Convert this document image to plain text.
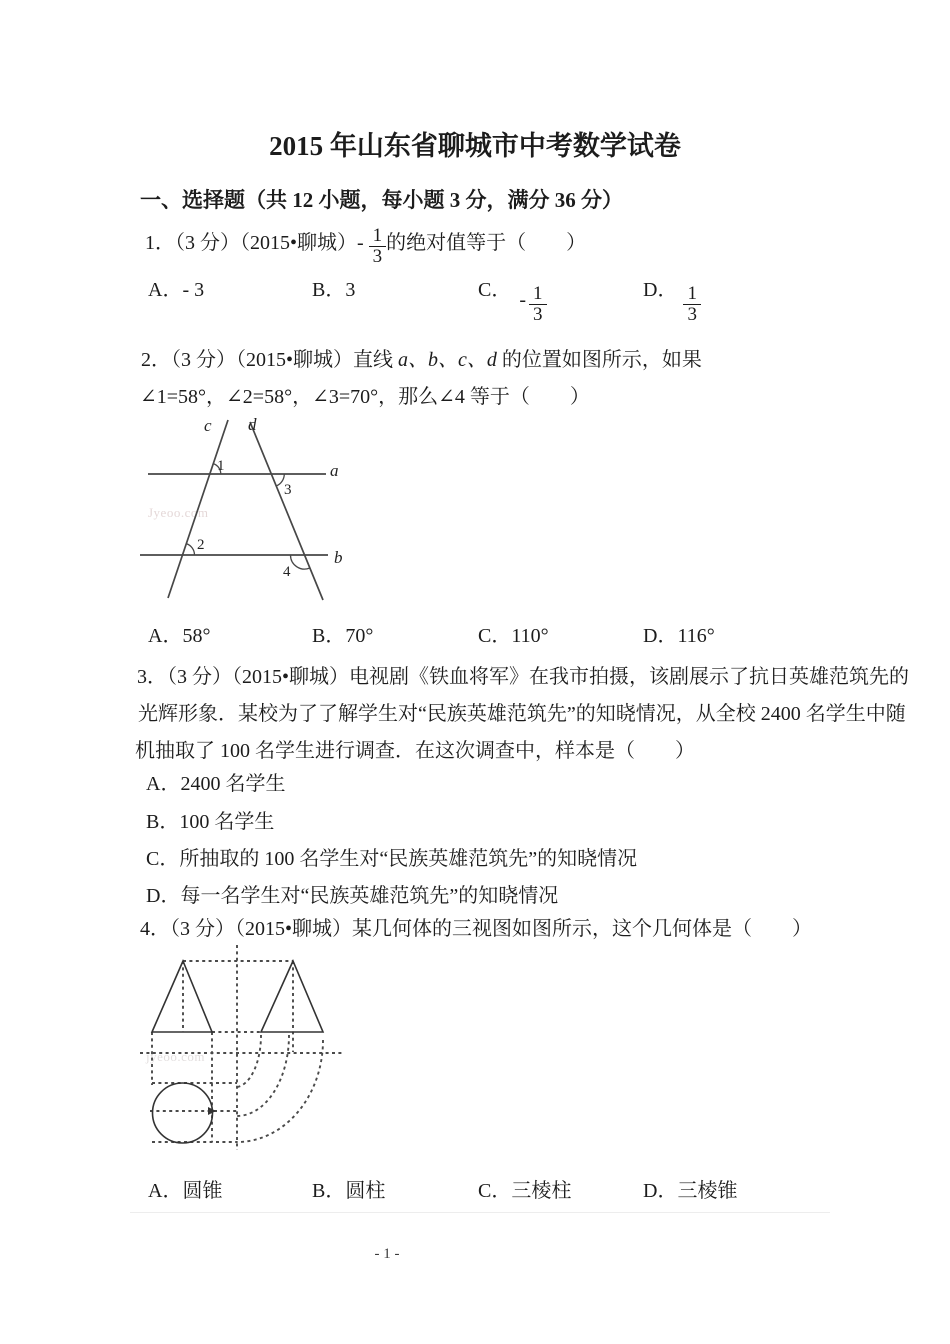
2015 年山东省聊城市中考数学试卷
一、选择题（共 12 小题，每小题 3 分，满分 36 分）
1．（3 分）（2015•聊城）- $\frac{1}{3}$ 的绝对值等于（　　）
A．- 3	B．3	C． - $\frac{1}{3}$	D． $\frac{1}{3}$
2．（3 分）（2015•聊城）直线 a、b、c、d 的位置如图所示，如果
∠1=58°，∠2=58°，∠3=70°，那么∠4 等于（　　）
Jyeoo.com
a
b
c d
1
2
3
4
A．58°	B．70°	C．110°	D．116°
3．（3 分）（2015•聊城）电视剧《铁血将军》在我市拍摄，该剧展示了抗日英雄范筑先的
光辉形象．某校为了了解学生对“民族英雄范筑先”的知晓情况，从全校 2400 名学生中随
机抽取了 100 名学生进行调查．在这次调查中，样本是（　　）
A．2400 名学生
B．100 名学生
C．所抽取的 100 名学生对“民族英雄范筑先”的知晓情况
D．每一名学生对“民族英雄范筑先”的知晓情况
4．（3 分）（2015•聊城）某几何体的三视图如图所示，这个几何体是（　　）
jyeoo.com
A．圆锥	B．圆柱	C．三棱柱	D．三棱锥
- 1 -
